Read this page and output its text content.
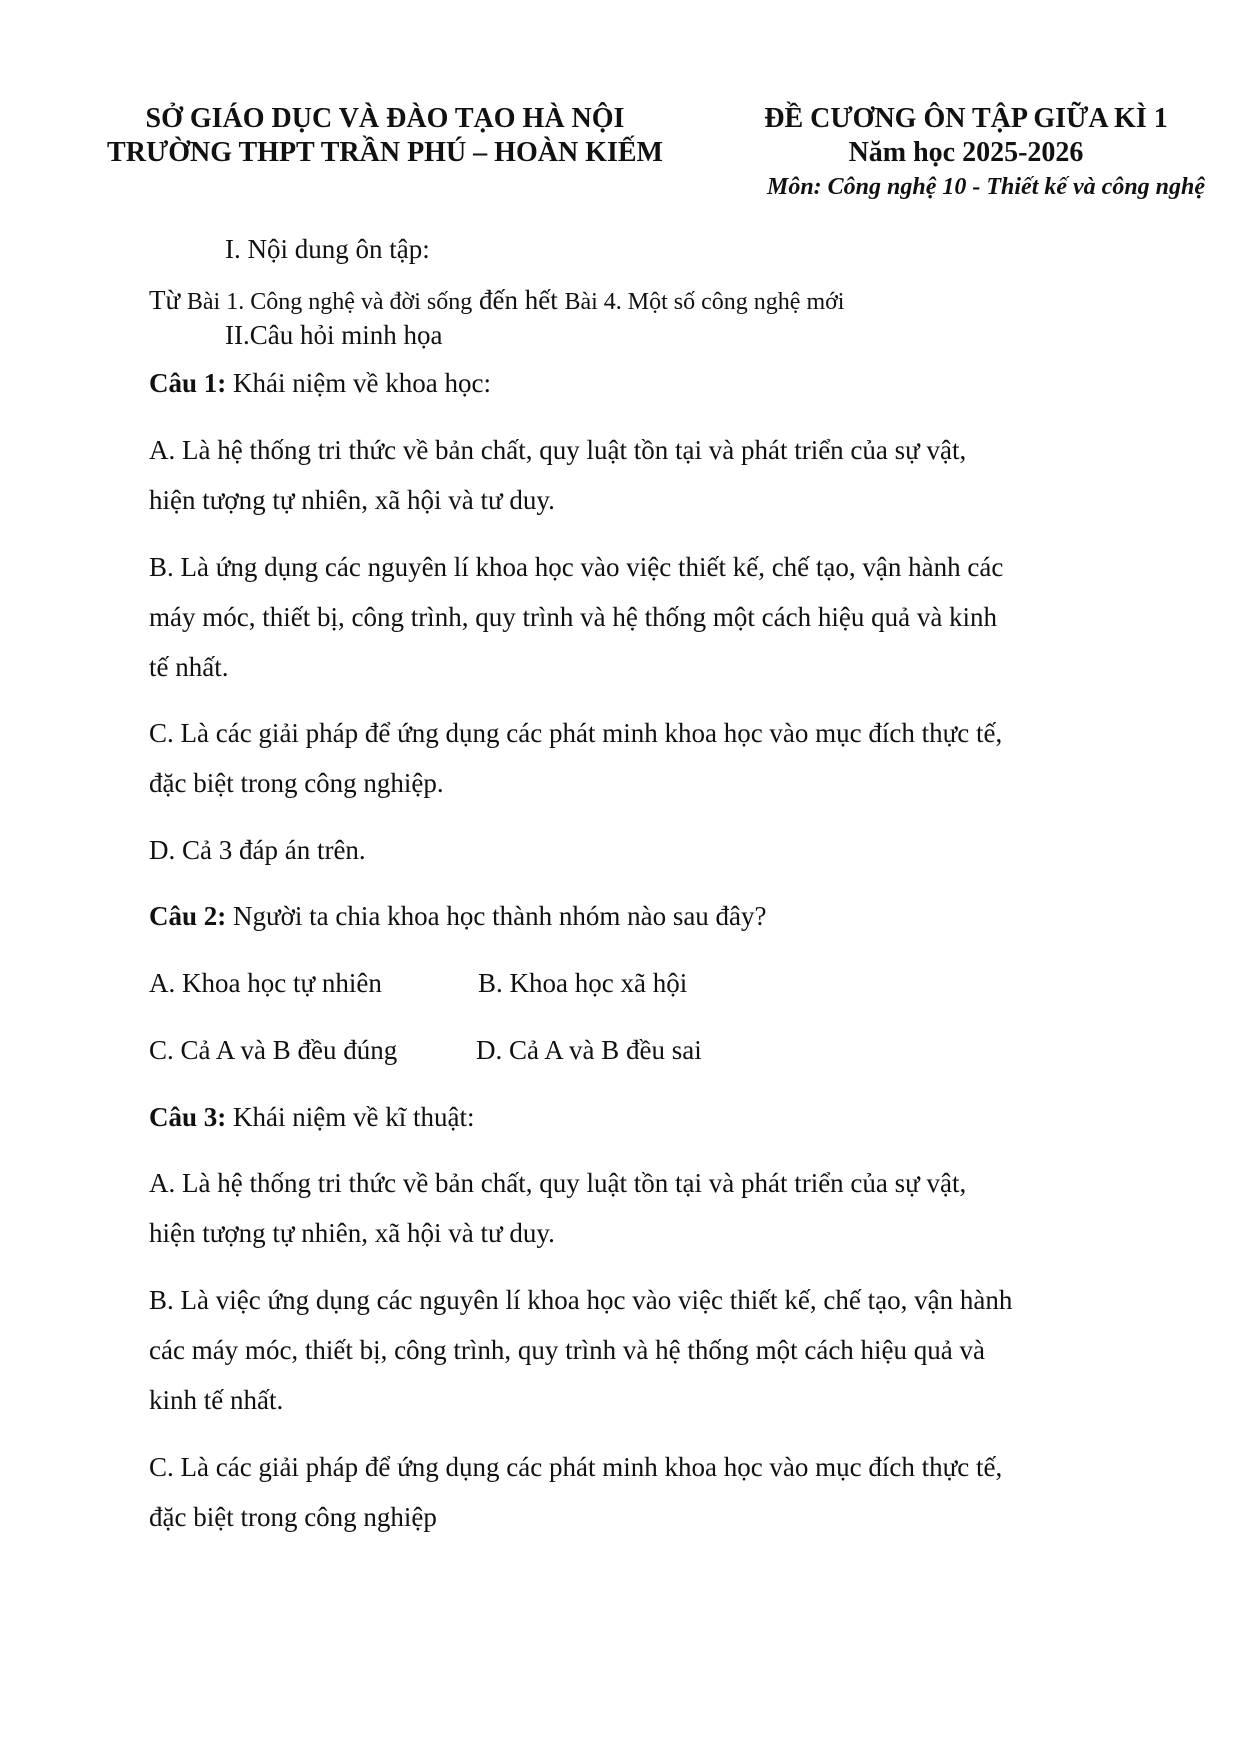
SỞ GIÁO DỤC VÀ ĐÀO TẠO HÀ NỘI
TRƯỜNG THPT TRẦN PHÚ – HOÀN KIẾM
ĐỀ CƯƠNG ÔN TẬP GIỮA KÌ 1
Năm học 2025-2026
Môn: Công nghệ 10 - Thiết kế và công nghệ
I. Nội dung ôn tập:
Từ Bài 1. Công nghệ và đời sống đến hết Bài 4. Một số công nghệ mới
II.Câu hỏi minh họa
Câu 1: Khái niệm về khoa học:
A. Là hệ thống tri thức về bản chất, quy luật tồn tại và phát triển của sự vật,
hiện tượng tự nhiên, xã hội và tư duy.
B. Là ứng dụng các nguyên lí khoa học vào việc thiết kế, chế tạo, vận hành các
máy móc, thiết bị, công trình, quy trình và hệ thống một cách hiệu quả và kinh
tế nhất.
C. Là các giải pháp để ứng dụng các phát minh khoa học vào mục đích thực tế,
đặc biệt trong công nghiệp.
D. Cả 3 đáp án trên.
Câu 2: Người ta chia khoa học thành nhóm nào sau đây?
A. Khoa học tự nhiên	B. Khoa học xã hội
C. Cả A và B đều đúng	D. Cả A và B đều sai
Câu 3: Khái niệm về kĩ thuật:
A. Là hệ thống tri thức về bản chất, quy luật tồn tại và phát triển của sự vật,
hiện tượng tự nhiên, xã hội và tư duy.
B. Là việc ứng dụng các nguyên lí khoa học vào việc thiết kế, chế tạo, vận hành
các máy móc, thiết bị, công trình, quy trình và hệ thống một cách hiệu quả và
kinh tế nhất.
C. Là các giải pháp để ứng dụng các phát minh khoa học vào mục đích thực tế,
đặc biệt trong công nghiệp
